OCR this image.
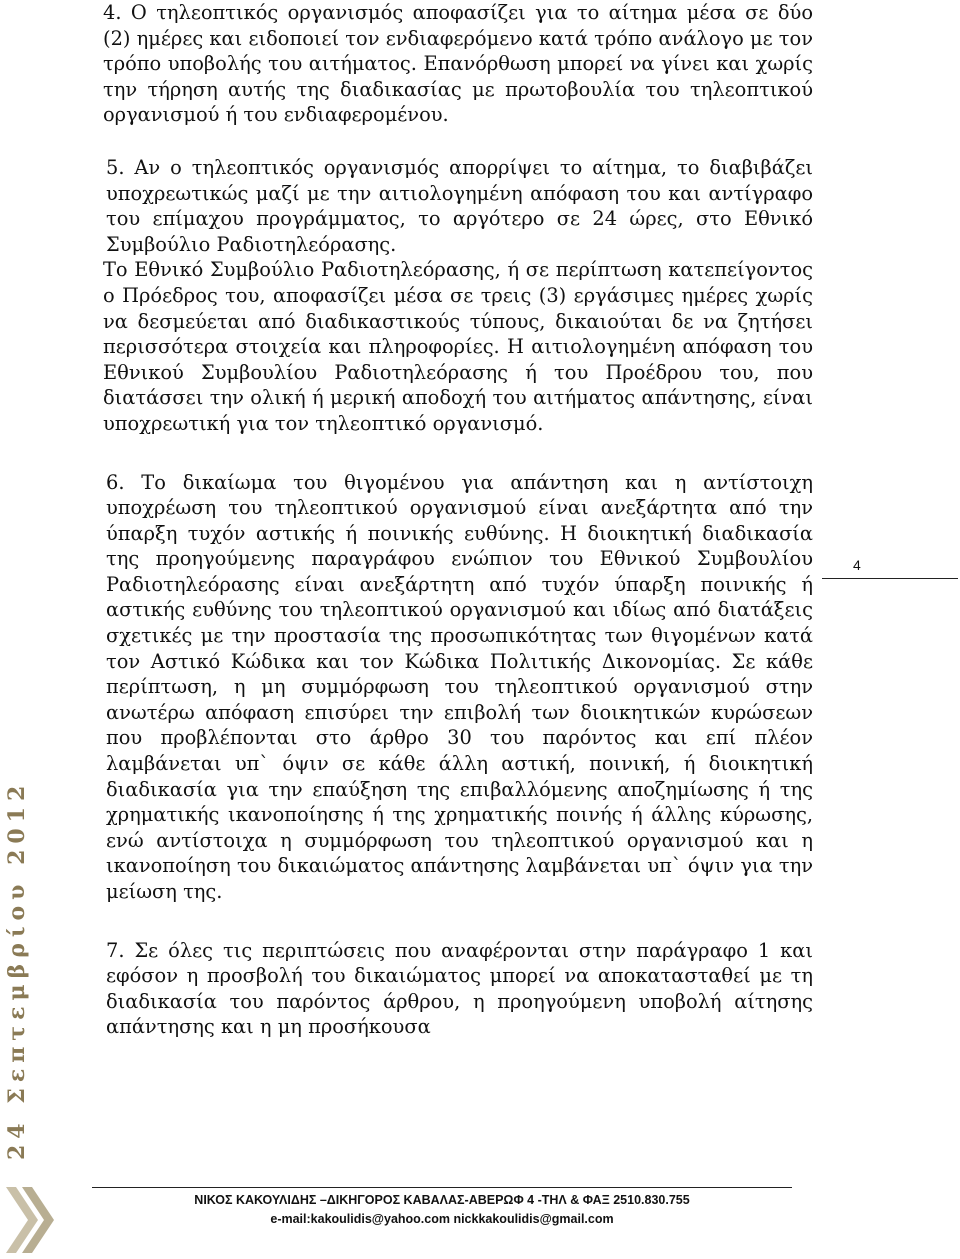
4. Ο τηλεοπτικός οργανισμός αποφασίζει για το αίτημα μέσα σε δύο (2) ημέρες και ειδοποιεί τον ενδιαφερόμενο κατά τρόπο ανάλογο με τον τρόπο υποβολής του αιτήματος. Επανόρθωση μπορεί να γίνει και χωρίς την τήρηση αυτής της διαδικασίας με πρωτοβουλία του τηλεοπτικού οργανισμού ή του ενδιαφερομένου.

5. Αν ο τηλεοπτικός οργανισμός απορρίψει το αίτημα, το διαβιβάζει υποχρεωτικώς μαζί με την αιτιολογημένη απόφαση του και αντίγραφο του επίμαχου προγράμματος, το αργότερο σε 24 ώρες, στο Εθνικό Συμβούλιο Ραδιοτηλεόρασης.

Το Εθνικό Συμβούλιο Ραδιοτηλεόρασης, ή σε περίπτωση κατεπείγοντος ο Πρόεδρος του, αποφασίζει μέσα σε τρεις (3) εργάσιμες ημέρες χωρίς να δεσμεύεται από διαδικαστικούς τύπους, δικαιούται δε να ζητήσει περισσότερα στοιχεία και πληροφορίες. Η αιτιολογημένη απόφαση του Εθνικού Συμβουλίου Ραδιοτηλεόρασης ή του Προέδρου του, που διατάσσει την ολική ή μερική αποδοχή του αιτήματος απάντησης, είναι υποχρεωτική για τον τηλεοπτικό οργανισμό.

6. Το δικαίωμα του θιγομένου για απάντηση και η αντίστοιχη υποχρέωση του τηλεοπτικού οργανισμού είναι ανεξάρτητα από την ύπαρξη τυχόν αστικής ή ποινικής ευθύνης. Η διοικητική διαδικασία της προηγούμενης παραγράφου ενώπιον του Εθνικού Συμβουλίου Ραδιοτηλεόρασης είναι ανεξάρτητη από τυχόν ύπαρξη ποινικής ή αστικής ευθύνης του τηλεοπτικού οργανισμού και ιδίως από διατάξεις σχετικές με την προστασία της προσωπικότητας των θιγομένων κατά τον Αστικό Κώδικα και τον Κώδικα Πολιτικής Δικονομίας. Σε κάθε περίπτωση, η μη συμμόρφωση του τηλεοπτικού οργανισμού στην ανωτέρω απόφαση επισύρει την επιβολή των διοικητικών κυρώσεων που προβλέπονται στο άρθρο 30 του παρόντος και επί πλέον λαμβάνεται υπ` όψιν σε κάθε άλλη αστική, ποινική, ή διοικητική διαδικασία για την επαύξηση της επιβαλλόμενης αποζημίωσης ή της χρηματικής ικανοποίησης ή της χρηματικής ποινής ή άλλης κύρωσης, ενώ αντίστοιχα η συμμόρφωση του τηλεοπτικού οργανισμού και η ικανοποίηση του δικαιώματος απάντησης λαμβάνεται υπ` όψιν για την μείωση της.

7. Σε όλες τις περιπτώσεις που αναφέρονται στην παράγραφο 1 και εφόσον η προσβολή του δικαιώματος μπορεί να αποκατασταθεί με τη διαδικασία του παρόντος άρθρου, η προηγούμενη υποβολή αίτησης απάντησης και η μη προσήκουσα

24 Σεπτεμβρίου 2012
4
ΝΙΚΟΣ ΚΑΚΟΥΛΙΔΗΣ –ΔΙΚΗΓΟΡΟΣ ΚΑΒΑΛΑΣ-ΑΒΕΡΩΦ 4 -ΤΗΛ & ΦΑΞ 2510.830.755
e-mail:kakoulidis@yahoo.com nickkakoulidis@gmail.com
